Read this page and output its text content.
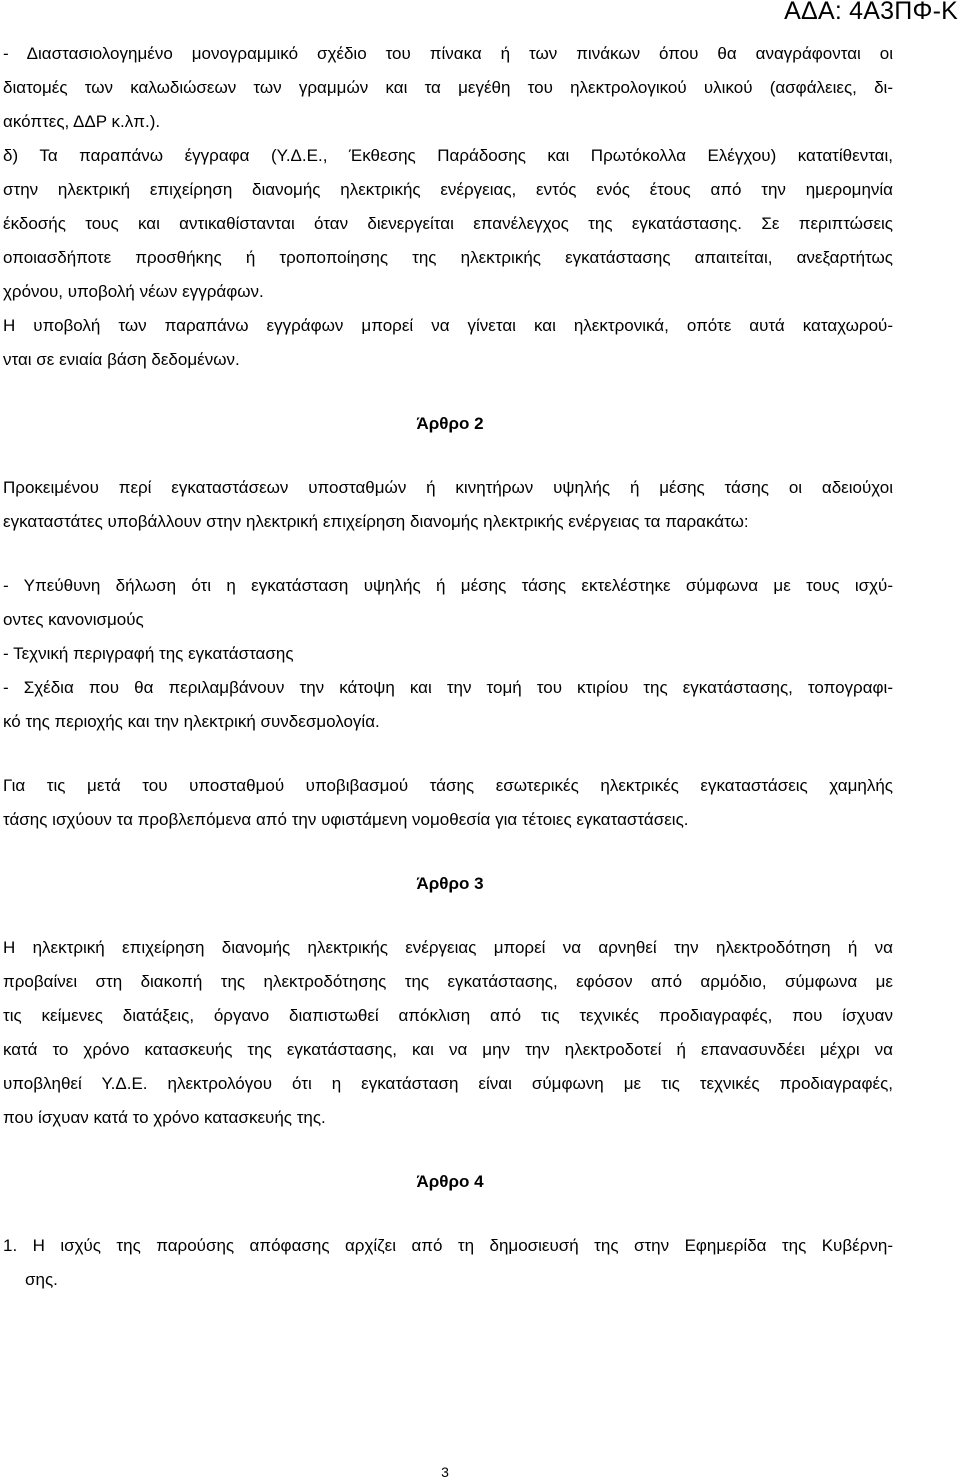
ΑΔΑ: 4Α3ΠΦ-Κ
- Διαστασιολογημένο μονογραμμικό σχέδιο του πίνακα ή των πινάκων όπου θα αναγράφονται οι
διατομές των καλωδιώσεων των γραμμών και τα μεγέθη του ηλεκτρολογικού υλικού (ασφάλειες, δι-
ακόπτες, ΔΔΡ κ.λπ.).
δ) Τα παραπάνω έγγραφα (Υ.Δ.Ε., Έκθεσης Παράδοσης και Πρωτόκολλα Ελέγχου) κατατίθενται,
στην ηλεκτρική επιχείρηση διανομής ηλεκτρικής ενέργειας, εντός ενός έτους από την ημερομηνία
έκδοσής τους και αντικαθίστανται όταν διενεργείται επανέλεγχος της εγκατάστασης. Σε περιπτώσεις
οποιασδήποτε προσθήκης ή τροποποίησης της ηλεκτρικής εγκατάστασης απαιτείται, ανεξαρτήτως
χρόνου, υποβολή νέων εγγράφων.
Η υποβολή των παραπάνω εγγράφων μπορεί να γίνεται και ηλεκτρονικά, οπότε αυτά καταχωρού-
νται σε ενιαία βάση δεδομένων.
Άρθρο 2
Προκειμένου περί εγκαταστάσεων υποσταθμών ή κινητήρων υψηλής ή μέσης τάσης οι αδειούχοι
εγκαταστάτες υποβάλλουν στην ηλεκτρική επιχείρηση διανομής ηλεκτρικής ενέργειας τα παρακάτω:
- Υπεύθυνη δήλωση ότι η εγκατάσταση υψηλής ή μέσης τάσης εκτελέστηκε σύμφωνα με τους ισχύ-
οντες κανονισμούς
- Τεχνική περιγραφή της εγκατάστασης
- Σχέδια που θα περιλαμβάνουν την κάτοψη και την τομή του κτιρίου της εγκατάστασης, τοπογραφι-
κό της περιοχής και την ηλεκτρική συνδεσμολογία.
Για τις μετά του υποσταθμού υποβιβασμού τάσης εσωτερικές ηλεκτρικές εγκαταστάσεις χαμηλής
τάσης ισχύουν τα προβλεπόμενα από την υφιστάμενη νομοθεσία για τέτοιες εγκαταστάσεις.
Άρθρο 3
Η ηλεκτρική επιχείρηση διανομής ηλεκτρικής ενέργειας μπορεί να αρνηθεί την ηλεκτροδότηση ή να
προβαίνει στη διακοπή της ηλεκτροδότησης της εγκατάστασης, εφόσον από αρμόδιο, σύμφωνα με
τις κείμενες διατάξεις, όργανο διαπιστωθεί απόκλιση από τις τεχνικές προδιαγραφές, που ίσχυαν
κατά το χρόνο κατασκευής της εγκατάστασης, και να μην την ηλεκτροδοτεί ή επανασυνδέει μέχρι να
υποβληθεί Υ.Δ.Ε. ηλεκτρολόγου ότι η εγκατάσταση είναι σύμφωνη με τις τεχνικές προδιαγραφές,
που ίσχυαν κατά το χρόνο κατασκευής της.
Άρθρο 4
1. Η ισχύς της παρούσης απόφασης αρχίζει από τη δημοσιευσή της στην Εφημερίδα της Κυβέρνη-
σης.
3
